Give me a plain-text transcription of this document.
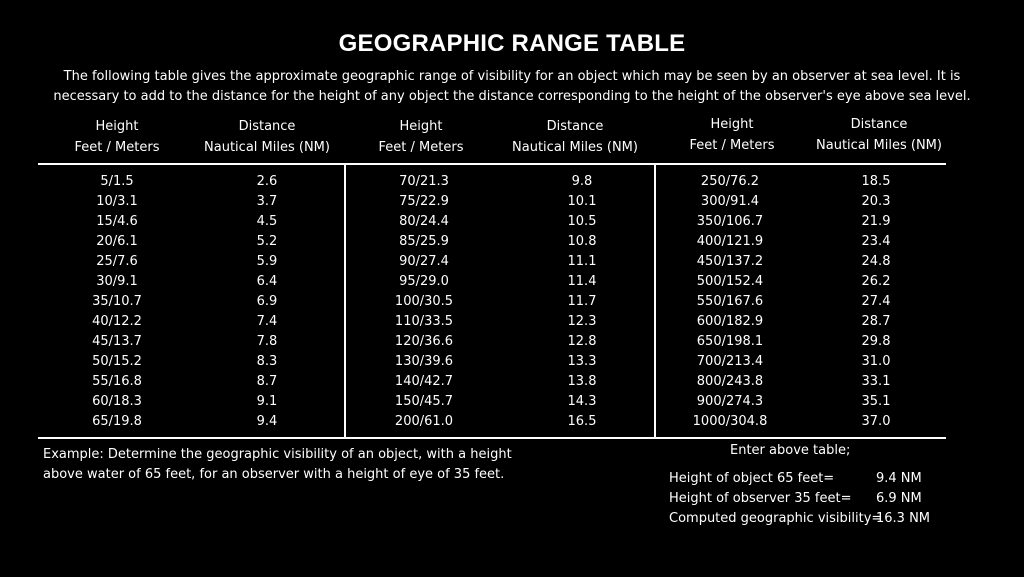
GEOGRAPHIC RANGE TABLE
The following table gives the approximate geographic range of visibility for an object which may be seen by an observer at sea level. It is
necessary to add to the distance for the height of any object the distance corresponding to the height of the observer's eye above sea level.
Height
Feet / Meters
Distance
Nautical Miles (NM)
Height
Feet / Meters
Distance
Nautical Miles (NM)
Height
Feet / Meters
Distance
Nautical Miles (NM)
5/1.5
10/3.1
15/4.6
20/6.1
25/7.6
30/9.1
35/10.7
40/12.2
45/13.7
50/15.2
55/16.8
60/18.3
65/19.8
2.6
3.7
4.5
5.2
5.9
6.4
6.9
7.4
7.8
8.3
8.7
9.1
9.4
70/21.3
75/22.9
80/24.4
85/25.9
90/27.4
95/29.0
100/30.5
110/33.5
120/36.6
130/39.6
140/42.7
150/45.7
200/61.0
9.8
10.1
10.5
10.8
11.1
11.4
11.7
12.3
12.8
13.3
13.8
14.3
16.5
250/76.2
300/91.4
350/106.7
400/121.9
450/137.2
500/152.4
550/167.6
600/182.9
650/198.1
700/213.4
800/243.8
900/274.3
1000/304.8
18.5
20.3
21.9
23.4
24.8
26.2
27.4
28.7
29.8
31.0
33.1
35.1
37.0
Example: Determine the geographic visibility of an object, with a height
above water of 65 feet, for an observer with a height of eye of 35 feet.
Enter above table;
Height of object 65 feet=
Height of observer 35 feet=
Computed geographic visibility=
9.4 NM
6.9 NM
16.3 NM
